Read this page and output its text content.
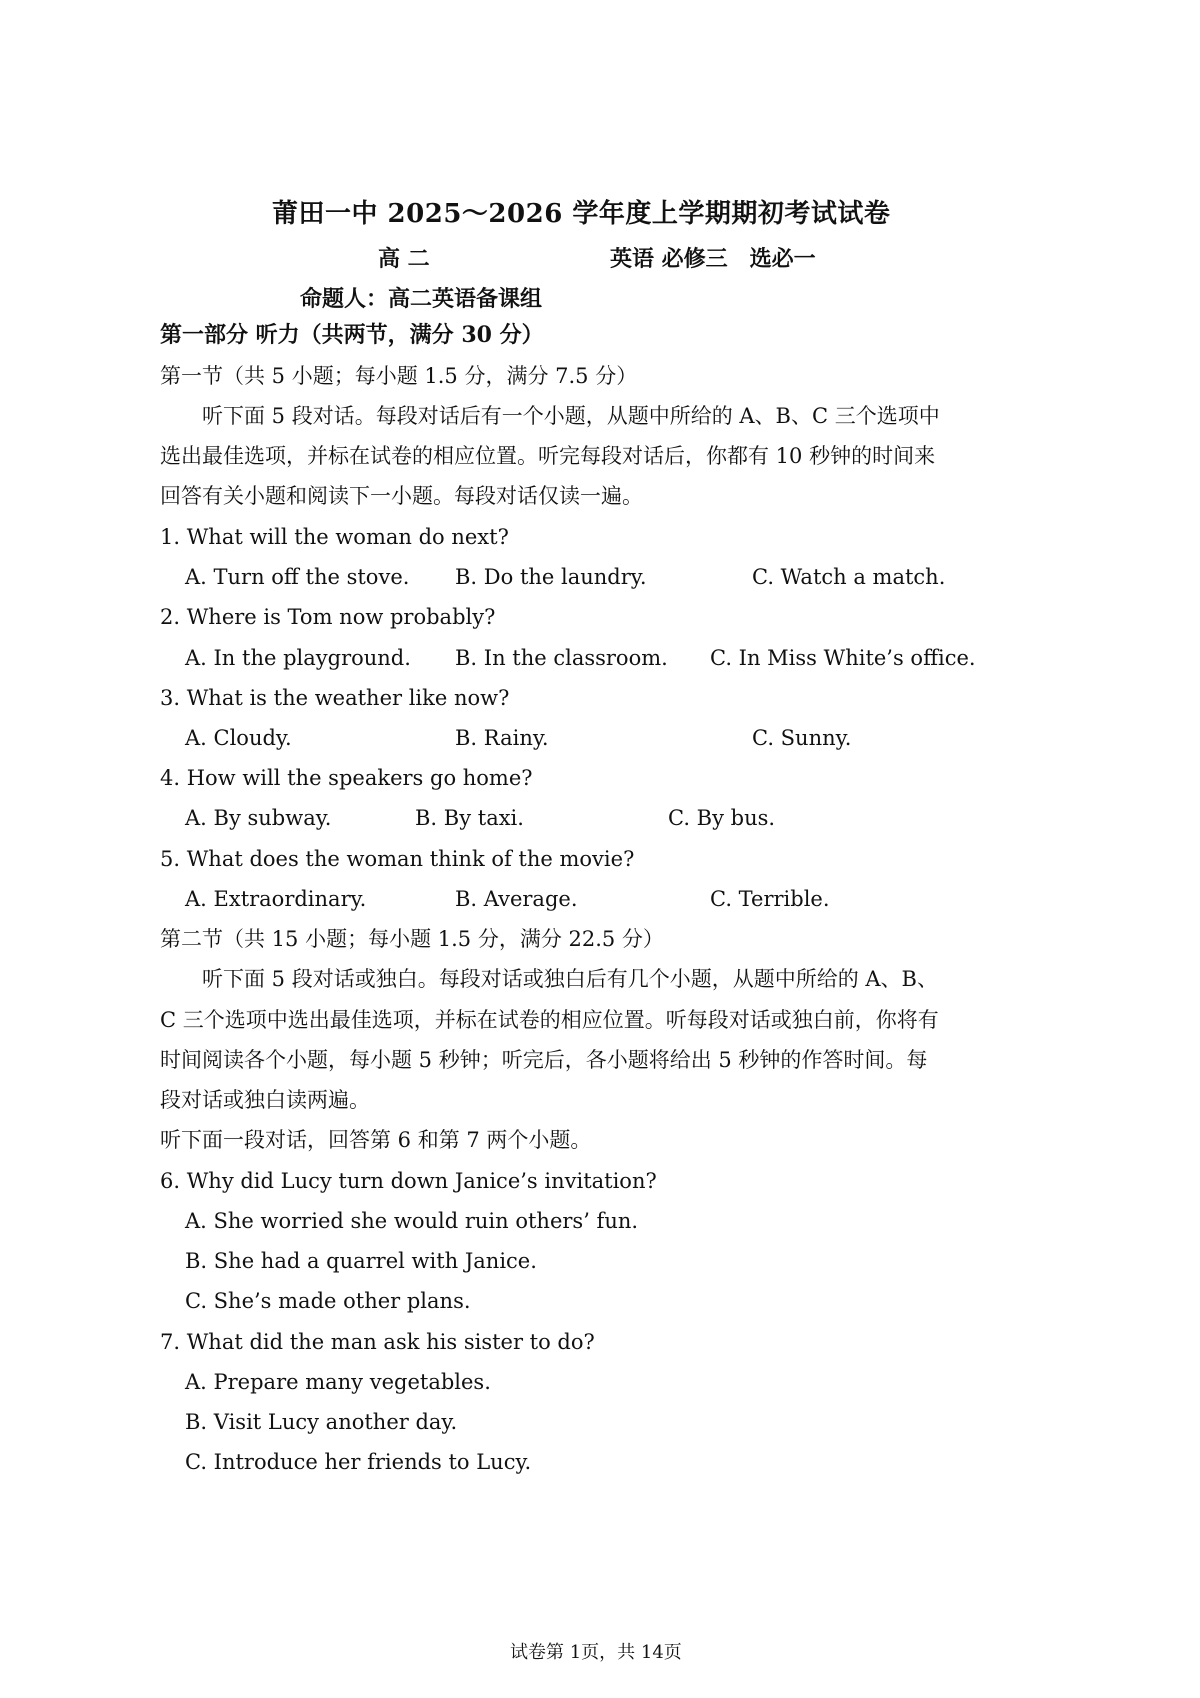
莆田一中 2025～2026 学年度上学期期初考试试卷
高 二	英语 必修三　选必一
命题人：高二英语备课组
第一部分 听力（共两节，满分 30 分）
第一节（共 5 小题；每小题 1.5 分，满分 7.5 分）
听下面 5 段对话。每段对话后有一个小题，从题中所给的 A、B、C 三个选项中
选出最佳选项，并标在试卷的相应位置。听完每段对话后，你都有 10 秒钟的时间来
回答有关小题和阅读下一小题。每段对话仅读一遍。
1. What will the woman do next?
A. Turn off the stove. B. Do the laundry.	C. Watch a match.
2. Where is Tom now probably?
A. In the playground. B. In the classroom. C. In Miss White’s office.
3. What is the weather like now?
A. Cloudy.	B. Rainy.	C. Sunny.
4. How will the speakers go home?
A. By subway.	B. By taxi.	C. By bus.
5. What does the woman think of the movie?
A. Extraordinary.	B. Average.	C. Terrible.
第二节（共 15 小题；每小题 1.5 分，满分 22.5 分）
听下面 5 段对话或独白。每段对话或独白后有几个小题，从题中所给的 A、B、
C 三个选项中选出最佳选项，并标在试卷的相应位置。听每段对话或独白前，你将有
时间阅读各个小题，每小题 5 秒钟；听完后，各小题将给出 5 秒钟的作答时间。每
段对话或独白读两遍。
听下面一段对话，回答第 6 和第 7 两个小题。
6. Why did Lucy turn down Janice’s invitation?
A. She worried she would ruin others’ fun.
B. She had a quarrel with Janice.
C. She’s made other plans.
7. What did the man ask his sister to do?
A. Prepare many vegetables.
B. Visit Lucy another day.
C. Introduce her friends to Lucy.
试卷第 1页，共 14页
